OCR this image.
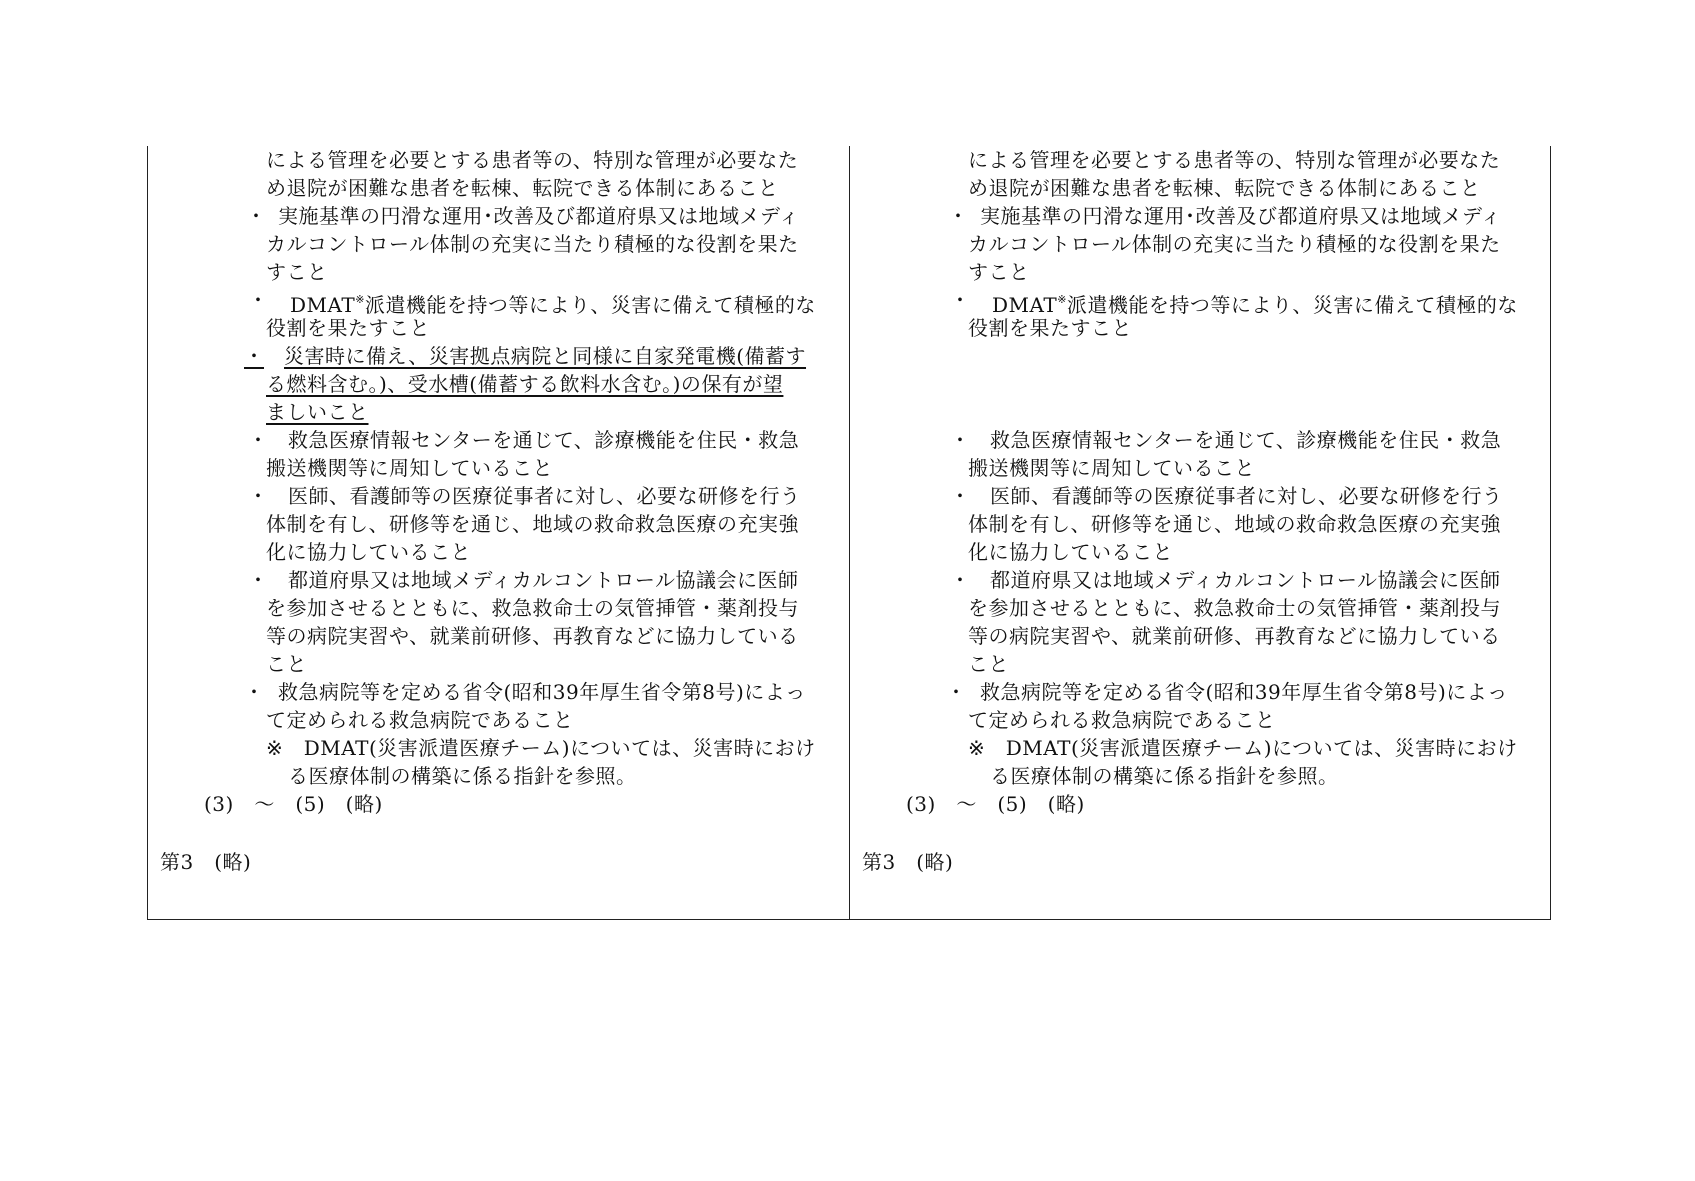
による管理を必要とする患者等の、特別な管理が必要なた
め退院が困難な患者を転棟、転院できる体制にあること
・ 実施基準の円滑な運用･改善及び都道府県又は地域メディ
カルコントロール体制の充実に当たり積極的な役割を果た
すこと
・ DMAT※派遣機能を持つ等により、災害に備えて積極的な
役割を果たすこと
・ 災害時に備え、災害拠点病院と同様に自家発電機(備蓄す
る燃料含む。)、受水槽(備蓄する飲料水含む。)の保有が望
ましいこと
・ 救急医療情報センターを通じて、診療機能を住民・救急
搬送機関等に周知していること
・ 医師、看護師等の医療従事者に対し、必要な研修を行う
体制を有し、研修等を通じ、地域の救命救急医療の充実強
化に協力していること
・ 都道府県又は地域メディカルコントロール協議会に医師
を参加させるとともに、救急救命士の気管挿管・薬剤投与
等の病院実習や、就業前研修、再教育などに協力している
こと
・ 救急病院等を定める省令(昭和39年厚生省令第8号)によっ
て定められる救急病院であること
※　DMAT(災害派遣医療チーム)については、災害時におけ
る医療体制の構築に係る指針を参照。
(3)　～　(5)　(略)
第3　(略)
による管理を必要とする患者等の、特別な管理が必要なた
め退院が困難な患者を転棟、転院できる体制にあること
・ 実施基準の円滑な運用･改善及び都道府県又は地域メディ
カルコントロール体制の充実に当たり積極的な役割を果た
すこと
・ DMAT※派遣機能を持つ等により、災害に備えて積極的な
役割を果たすこと
・ 救急医療情報センターを通じて、診療機能を住民・救急
搬送機関等に周知していること
・ 医師、看護師等の医療従事者に対し、必要な研修を行う
体制を有し、研修等を通じ、地域の救命救急医療の充実強
化に協力していること
・ 都道府県又は地域メディカルコントロール協議会に医師
を参加させるとともに、救急救命士の気管挿管・薬剤投与
等の病院実習や、就業前研修、再教育などに協力している
こと
・ 救急病院等を定める省令(昭和39年厚生省令第8号)によっ
て定められる救急病院であること
※　DMAT(災害派遣医療チーム)については、災害時におけ
る医療体制の構築に係る指針を参照。
(3)　～　(5)　(略)
第3　(略)
